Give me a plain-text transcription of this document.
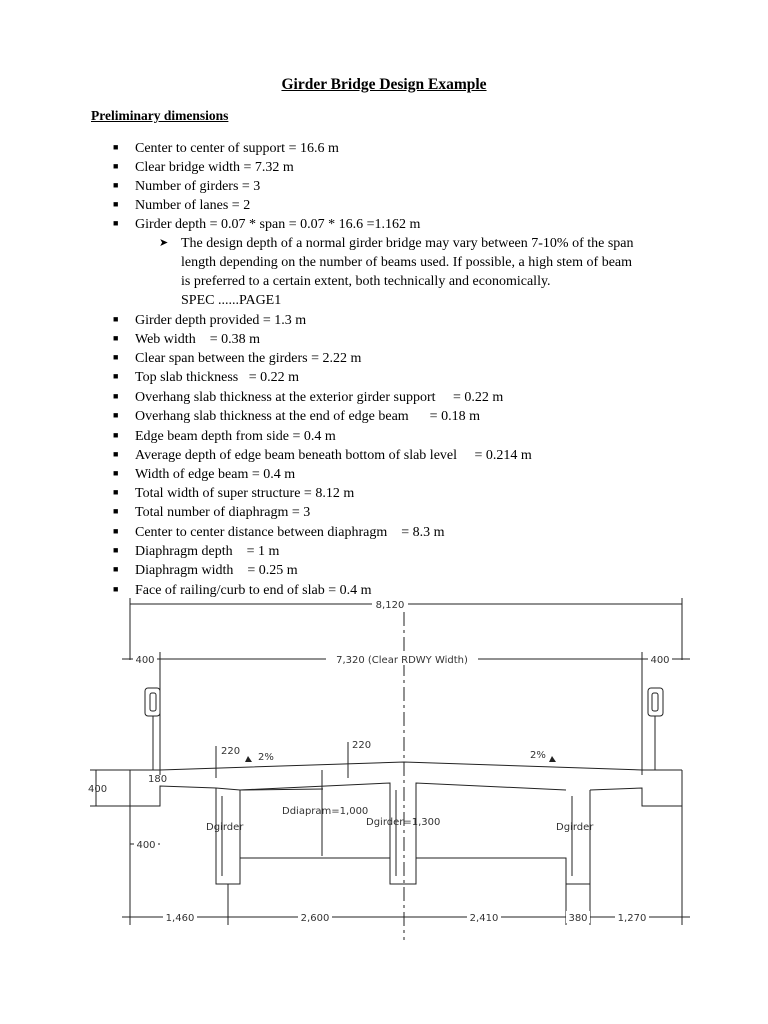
Girder Bridge Design Example
Preliminary dimensions
■ Center to center of support = 16.6 m
■ Clear bridge width = 7.32 m
■ Number of girders = 3
■ Number of lanes = 2
■ Girder depth = 0.07 * span = 0.07 * 16.6 =1.162 m
➤ The design depth of a normal girder bridge may vary between 7-10% of the span
length depending on the number of beams used. If possible, a high stem of beam
is preferred to a certain extent, both technically and economically.
SPEC ......PAGE1
■ Girder depth provided = 1.3 m
■ Web width    = 0.38 m
■ Clear span between the girders = 2.22 m
■ Top slab thickness   = 0.22 m
■ Overhang slab thickness at the exterior girder support     = 0.22 m
■ Overhang slab thickness at the end of edge beam      = 0.18 m
■ Edge beam depth from side = 0.4 m
■ Average depth of edge beam beneath bottom of slab level     = 0.214 m
■ Width of edge beam = 0.4 m
■ Total width of super structure = 8.12 m
■ Total number of diaphragm = 3
■ Center to center distance between diaphragm    = 8.3 m
■ Diaphragm depth    = 1 m
■ Diaphragm width    = 0.25 m
■ Face of railing/curb to end of slab = 0.4 m
8,120
400	7,320 (Clear RDWY Width)	400
400
180
220
220
2%	2%
Ddiapram=1,000
Dgirder=1,300
Dgirder	Dgirder
400
1,460	2,600	2,410	380	1,270
